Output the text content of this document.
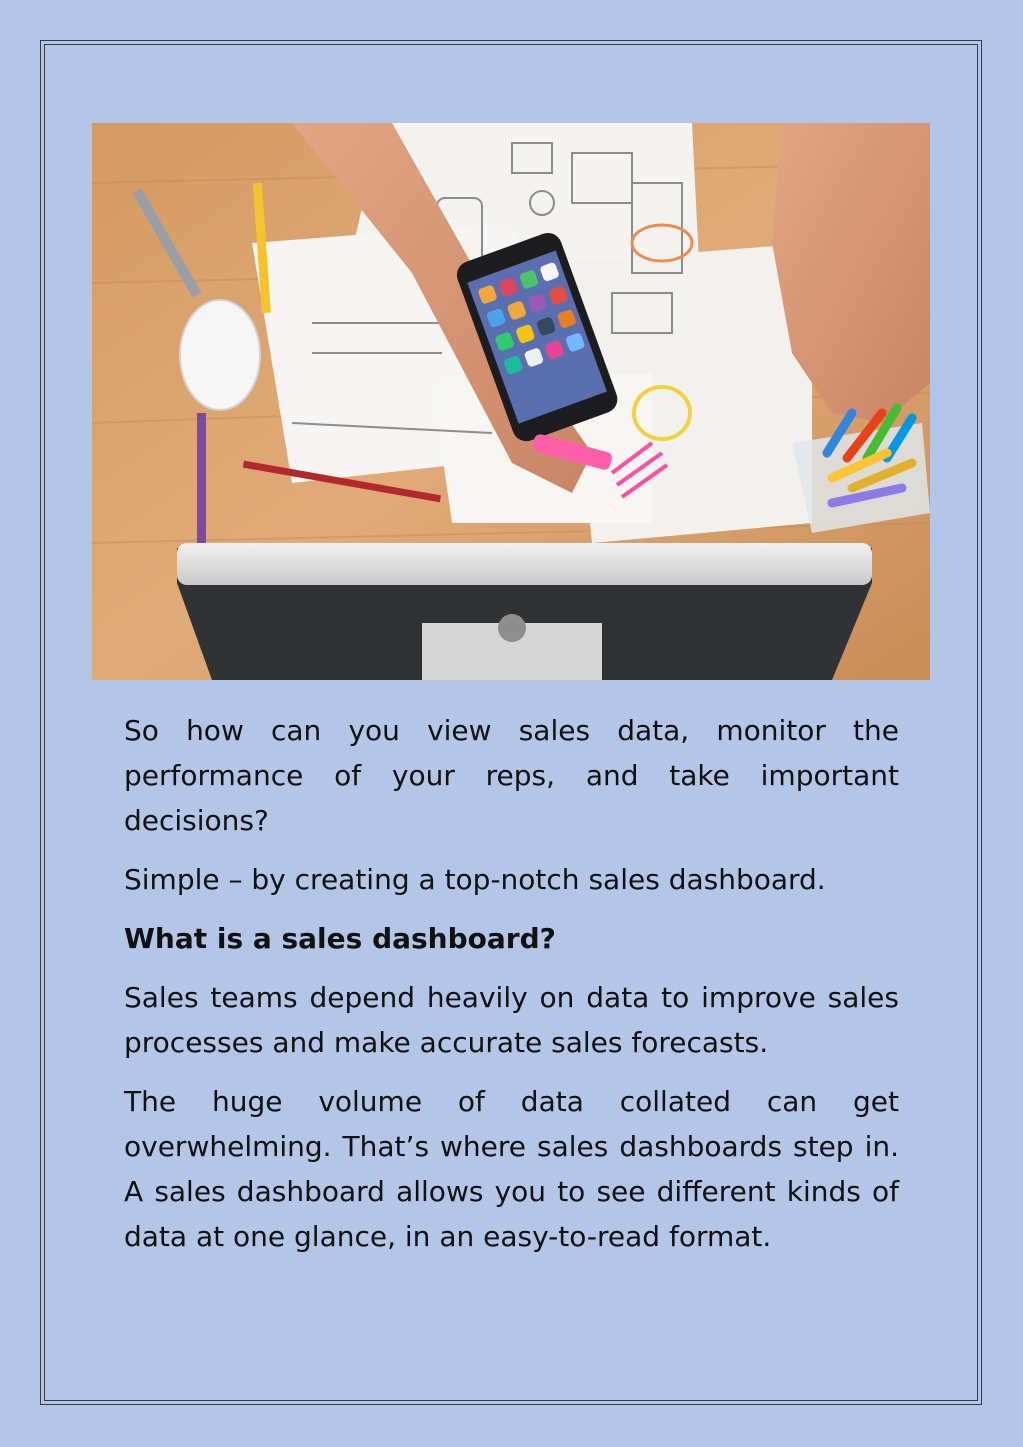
So how can you view sales data, monitor the performance of your reps, and take important decisions?

Simple – by creating a top-notch sales dashboard.

What is a sales dashboard?

Sales teams depend heavily on data to improve sales processes and make accurate sales forecasts.

The huge volume of data collated can get overwhelming. That’s where sales dashboards step in. A sales dashboard allows you to see different kinds of data at one glance, in an easy-to-read format.
